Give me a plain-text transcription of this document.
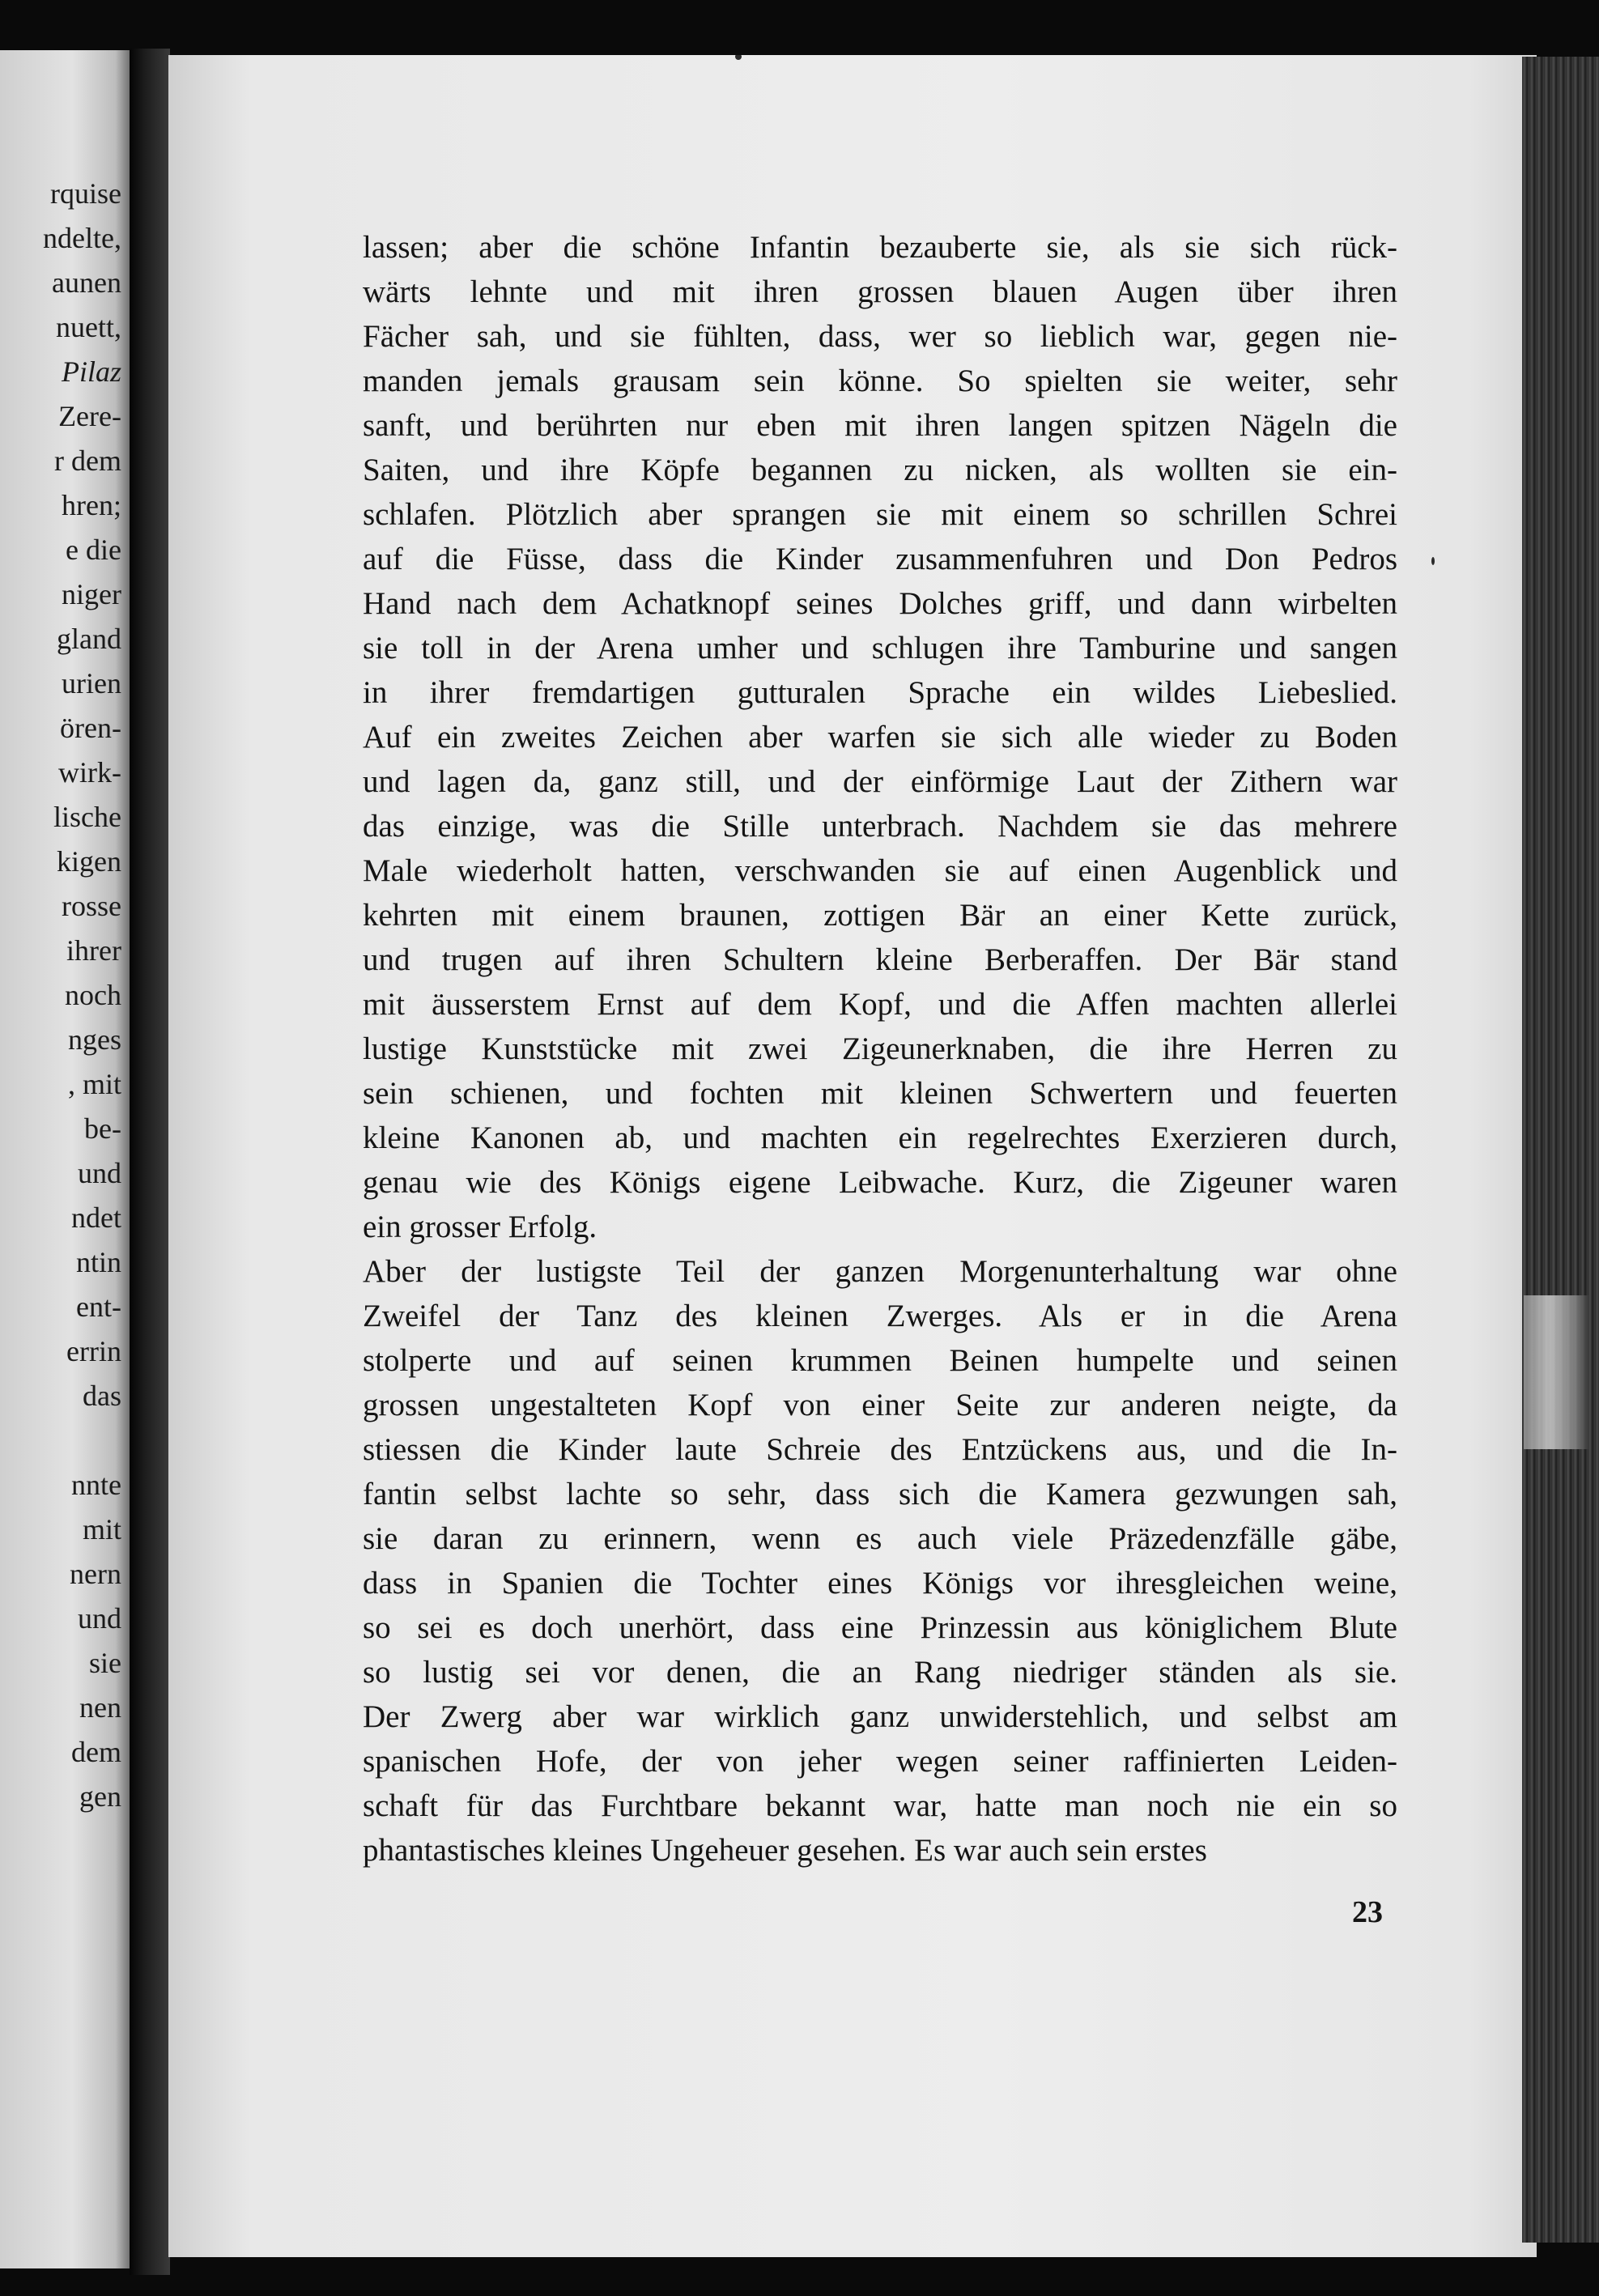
rquise
ndelte,
aunen
nuett,
Pilaz
Zere-
r dem
hren;
e die
niger
gland
urien
ören-
wirk-
lische
kigen
rosse
ihrer
noch
nges
, mit
be-
und
ndet
ntin
ent-
errin
das
nnte
mit
nern
und
sie
nen
dem
gen
lassen; aber die schöne Infantin bezauberte sie, als sie sich rück-
wärts lehnte und mit ihren grossen blauen Augen über ihren
Fächer sah, und sie fühlten, dass, wer so lieblich war, gegen nie-
manden jemals grausam sein könne. So spielten sie weiter, sehr
sanft, und berührten nur eben mit ihren langen spitzen Nägeln die
Saiten, und ihre Köpfe begannen zu nicken, als wollten sie ein-
schlafen. Plötzlich aber sprangen sie mit einem so schrillen Schrei
auf die Füsse, dass die Kinder zusammenfuhren und Don Pedros
Hand nach dem Achatknopf seines Dolches griff, und dann wirbelten
sie toll in der Arena umher und schlugen ihre Tamburine und sangen
in ihrer fremdartigen gutturalen Sprache ein wildes Liebeslied.
Auf ein zweites Zeichen aber warfen sie sich alle wieder zu Boden
und lagen da, ganz still, und der einförmige Laut der Zithern war
das einzige, was die Stille unterbrach. Nachdem sie das mehrere
Male wiederholt hatten, verschwanden sie auf einen Augenblick und
kehrten mit einem braunen, zottigen Bär an einer Kette zurück,
und trugen auf ihren Schultern kleine Berberaffen. Der Bär stand
mit äusserstem Ernst auf dem Kopf, und die Affen machten allerlei
lustige Kunststücke mit zwei Zigeunerknaben, die ihre Herren zu
sein schienen, und fochten mit kleinen Schwertern und feuerten
kleine Kanonen ab, und machten ein regelrechtes Exerzieren durch,
genau wie des Königs eigene Leibwache. Kurz, die Zigeuner waren
ein grosser Erfolg.
Aber der lustigste Teil der ganzen Morgenunterhaltung war ohne
Zweifel der Tanz des kleinen Zwerges. Als er in die Arena
stolperte und auf seinen krummen Beinen humpelte und seinen
grossen ungestalteten Kopf von einer Seite zur anderen neigte, da
stiessen die Kinder laute Schreie des Entzückens aus, und die In-
fantin selbst lachte so sehr, dass sich die Kamera gezwungen sah,
sie daran zu erinnern, wenn es auch viele Präzedenzfälle gäbe,
dass in Spanien die Tochter eines Königs vor ihresgleichen weine,
so sei es doch unerhört, dass eine Prinzessin aus königlichem Blute
so lustig sei vor denen, die an Rang niedriger ständen als sie.
Der Zwerg aber war wirklich ganz unwiderstehlich, und selbst am
spanischen Hofe, der von jeher wegen seiner raffinierten Leiden-
schaft für das Furchtbare bekannt war, hatte man noch nie ein so
phantastisches kleines Ungeheuer gesehen. Es war auch sein erstes
23
